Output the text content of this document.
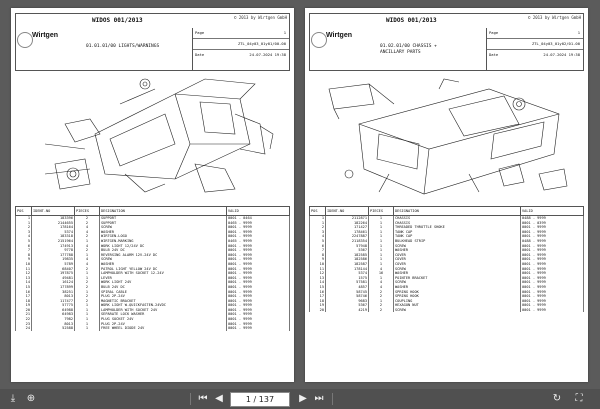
Wirtgen
WIDOS 001/2013	© 2013 by Wirtgen GmbH
01.01.01/00 LIGHTS/WARNINGS
Page	1
ZTL_04y03_01y01/00-00
Date	24.07.2024 19:38
POS	IDENT-NO	PIECES	DESIGNATION	VALID
1	183396	2	SUPPORT	0001 - 0464
1	2144655	2	SUPPORT	0465 - 9999
2	178164	4	SCREW	0001 - 9999
3	5374	4	WASHER	0001 - 9999
4	183318	2	WIRTGEN-LOGO	0001 - 9999
5	2151964	1	WIRTGEN-MARKING	0465 - 9999
6	174913	4	WORK LIGHT 12/24V DC	0001 - 9999
7	9778	2	BULB 24V DC	0001 - 9999
8	177788	1	REVERSING ALARM 12V-24V DC	0001 - 9999
9	19835	4	SCREW	0001 - 9999
10	5789	4	WASHER	0001 - 9999
11	68407	2	PATROL LIGHT YELLOW 24V DC	0001 - 9999
12	197875	1	LAMPHOLDER WITH SOCKET 12-24V	0001 - 9999
13	49481	1	LEVER	0001 - 9999
14	16124	2	WORK LIGHT 24V	0001 - 9999
15	177899	2	BULB 24V DC	0001 - 9999
16	38251	1	SPIRAL CABLE	0001 - 9999
17	8013	2	PLUG 2P-24V	0001 - 9999
18	117477	2	MAGNETIC BRACKET	0001 - 9999
19	57775	1	WORK LIGHT W.QUICKFASTEN.24VDC	0001 - 9999
20	64988	1	LAMPHOLDER WITH SOCKET 24V	0001 - 9999
21	64983	1	SEPARATE LOCK WASHER	0001 - 9999
22	7982	1	PLUG SOCKET 24V	0001 - 9999
23	8013	1	PLUG 2P-24V	0001 - 9999
24	52588	1	FREE WHEEL DIODE 24V	0001 - 9999
Wirtgen
WIDOS 001/2013	© 2013 by Wirtgen GmbH
01.02.01/00 CHASSIS + ANCILLARY PARTS
Page	1
ZTL_04y03_01y02/01-00
Date	24.07.2024 19:38
POS	IDENT-NO	PIECES	DESIGNATION	VALID
1	2112871	1	CHASSIS	0488 - 9999
1	182264	1	CHASSIS	0001 - 0399
2	171427	1	THREADED THROTTLE SHOKE	0001 - 9999
3	178461	1	TANK CAP	0001 - 9999
4	2247887	1	TANK CAP	0001 - 9999
5	2118354	1	BULKHEAD STRIP	0488 - 9999
6	57948	1	SCREW	0001 - 9999
7	5367	1	WASHER	0001 - 9999
8	182585	1	COVER	0001 - 9999
9	182586	1	COVER	0001 - 9999
10	182587	1	COVER	0001 - 9999
11	178144	4	SCREW	0001 - 9999
12	5374	16	WASHER	0001 - 9999
13	1575	1	POINTER BRACKET	0001 - 9999
14	57581	4	SCREW	0001 - 9999
15	4857	4	WASHER	0001 - 9999
16	58745	2	SPRING HOOK	0001 - 9999
17	58746	2	SPRING HOOK	0001 - 9999
18	9683	1	COUPLING	0001 - 9999
19	5367	2	HEXAGON NUT	0001 - 9999
20	4219	2	SCREW	0001 - 9999
⤓	⊕	⏮ ◀	1 / 137	▶ ⏭	↻	⛶
